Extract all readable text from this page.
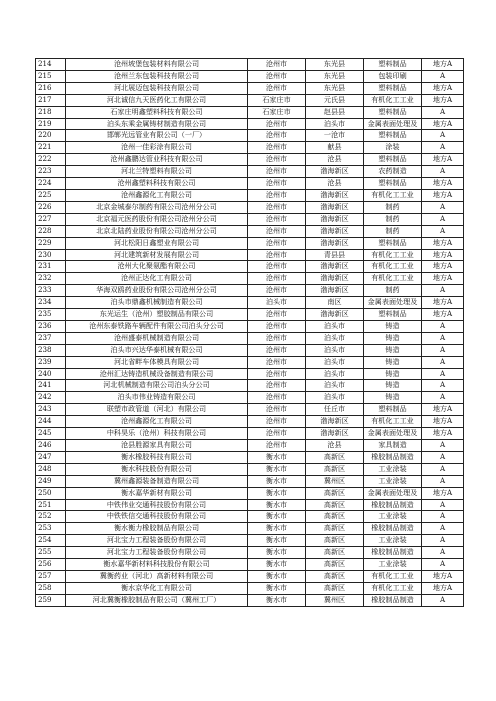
214	沧州坡堡包装材料有限公司	沧州市	东光县	塑料制品	地方A
215	沧州兰东包装科技有限公司	沧州市	东光县	包装印刷	A
216	河北展迈包装科技有限公司	沧州市	东光县	塑料制品	地方A
217	河北诚信九天医药化工有限公司	石家庄市	元氏县	有机化工工业	地方A
218	石家庄明鑫塑料科技有限公司	石家庄市	赵县县	塑料制品	A
219	泊头东乘金属铸材制造有限公司	沧州市	泊头市	金属表面处理及	地方A
220	邯郸光远管业有限公司（一厂）	沧州市	一沧市	塑料制品	A
221	沧州一佳彩涂有限公司	沧州市	献县	涂装	A
222	沧州鑫鹏达管业科技有限公司	沧州市	沧县	塑料制品	地方A
223	河北兰特塑料有限公司	沧州市	渤海新区	农药制造	A
224	沧州鑫塑料科技有限公司	沧州市	沧县	塑料制品	地方A
225	沧州鑫源化工有限公司	沧州市	渤海新区	有机化工工业	地方A
226	北京金城泰尔制药有限公司沧州分公司	沧州市	渤海新区	制药	A
227	北京福元医药股份有限公司沧州分公司	沧州市	渤海新区	制药	A
228	北京北陆药业股份有限公司沧州分公司	沧州市	渤海新区	制药	A
229	河北松阳日鑫塑业有限公司	沧州市	渤海新区	塑料制品	地方A
230	河北建筑新材发展有限公司	沧州市	青县县	有机化工工业	地方A
231	沧州大化聚氨酯有限公司	沧州市	渤海新区	有机化工工业	地方A
232	沧州正达化工有限公司	沧州市	渤海新区	有机化工工业	地方A
233	华海双鸥药业股份有限公司沧州分公司	沧州市	渤海新区	制药	A
234	泊头市鼎鑫机械制造有限公司	泊头市	南区	金属表面处理及	地方A
235	东光运生（沧州）塑胶制品有限公司	沧州市	渤海新区	塑料制品	地方A
236	沧州东泰铁路车辆配件有限公司泊头分公司	沧州市	泊头市	铸造	A
237	沧州盛泰机械制造有限公司	沧州市	泊头市	铸造	A
238	泊头市兴达华泰机械有限公司	沧州市	泊头市	铸造	A
239	河北省畔车体模具有限公司	沧州市	泊头市	铸造	A
240	沧州汇达铸造机械设备制造有限公司	沧州市	泊头市	铸造	A
241	河北机械制造有限公司泊头分公司	沧州市	泊头市	铸造	A
242	泊头市伟业铸造有限公司	沧州市	泊头市	铸造	A
243	联塑市政管道（河北）有限公司	沧州市	任丘市	塑料制品	地方A
244	沧州鑫源化工有限公司	沧州市	渤海新区	有机化工工业	地方A
245	中科昊乐（沧州）科技有限公司	沧州市	渤海新区	金属表面处理及	地方A
246	沧县胜源家具有限公司	沧州市	沧县	家具制造	A
247	衡水橡胶科技有限公司	衡水市	高新区	橡胶制品制造	A
248	衡水科技股份有限公司	衡水市	高新区	工业涂装	A
249	冀州鑫源装备制造有限公司	衡水市	冀州区	工业涂装	A
250	衡水嘉华新材有限公司	衡水市	高新区	金属表面处理及	地方A
251	中铁伟业交通科技股份有限公司	衡水市	高新区	橡胶制品制造	A
252	中铁铁信交通科技股份有限公司	衡水市	高新区	工业涂装	A
253	衡水衡力橡胶制品有限公司	衡水市	高新区	橡胶制品制造	A
254	河北宝力工程装备股份有限公司	衡水市	高新区	工业涂装	A
255	河北宝力工程装备股份有限公司	衡水市	高新区	橡胶制品制造	A
256	衡水嘉华新材料科技股份有限公司	衡水市	高新区	工业涂装	A
257	冀衡药业（河北）高新材料有限公司	衡水市	高新区	有机化工工业	地方A
258	衡水京华化工有限公司	衡水市	高新区	有机化工工业	地方A
259	河北冀衡橡胶制品有限公司（冀州工厂）	衡水市	冀州区	橡胶制品制造	A
